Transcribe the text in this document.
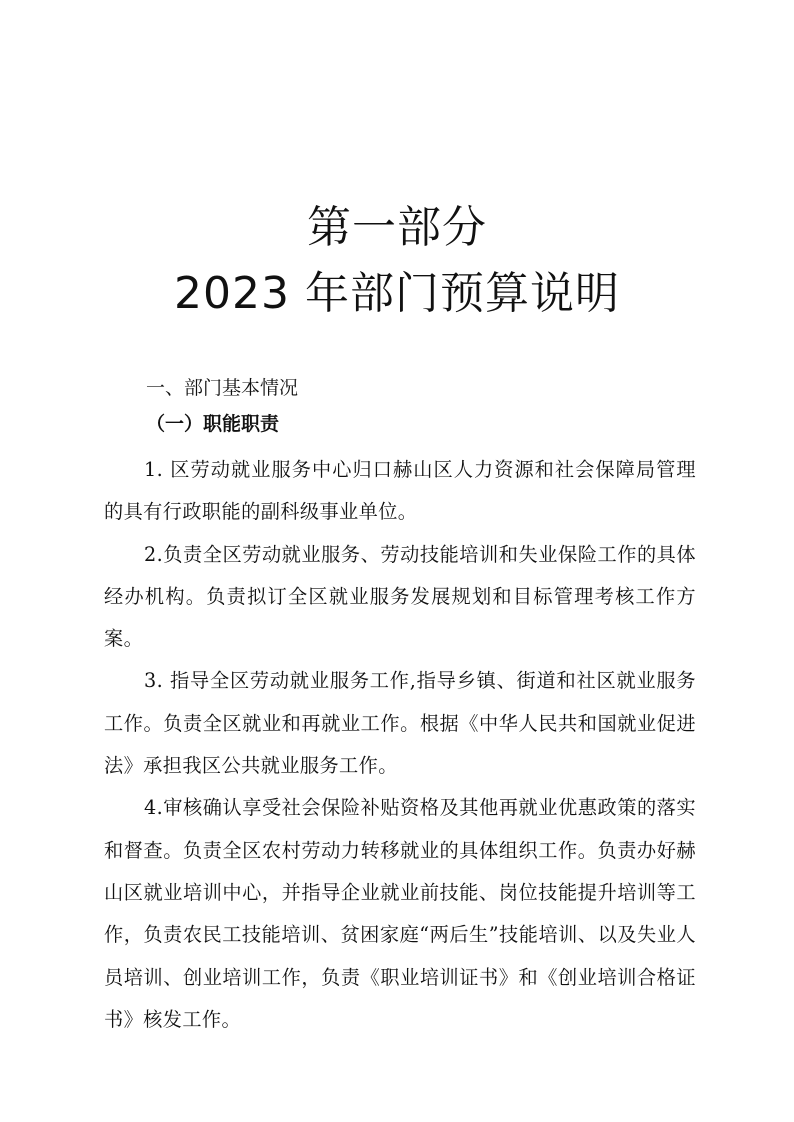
第一部分
2023 年部门预算说明
一、部门基本情况
（一）职能职责

1. 区劳动就业服务中心归口赫山区人力资源和社会保障局管理的具有行政职能的副科级事业单位。

2.负责全区劳动就业服务、劳动技能培训和失业保险工作的具体经办机构。负责拟订全区就业服务发展规划和目标管理考核工作方案。

3. 指导全区劳动就业服务工作,指导乡镇、街道和社区就业服务工作。负责全区就业和再就业工作。根据《中华人民共和国就业促进法》承担我区公共就业服务工作。

4.审核确认享受社会保险补贴资格及其他再就业优惠政策的落实和督查。负责全区农村劳动力转移就业的具体组织工作。负责办好赫山区就业培训中心，并指导企业就业前技能、岗位技能提升培训等工作，负责农民工技能培训、贫困家庭“两后生”技能培训、以及失业人员培训、创业培训工作，负责《职业培训证书》和《创业培训合格证书》核发工作。
